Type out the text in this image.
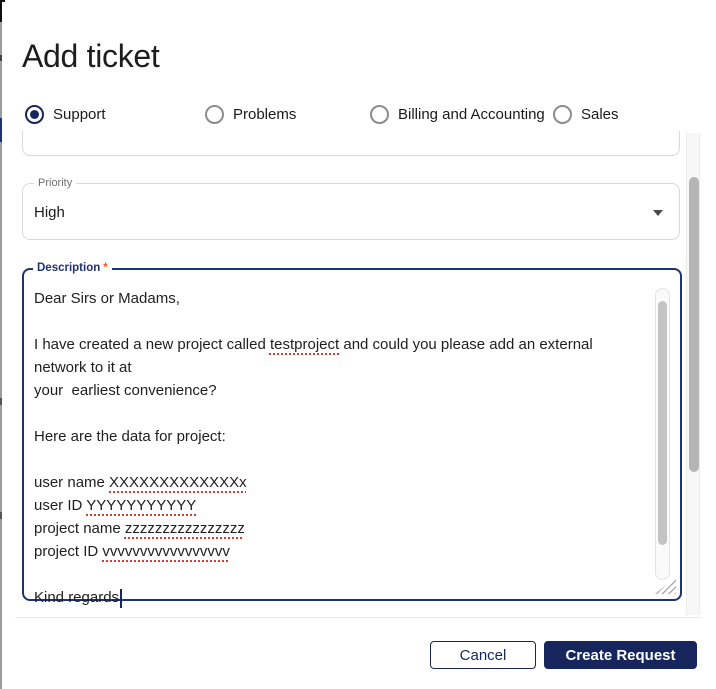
Add ticket
Support	Problems	Billing and Accounting Sales
Priority
High
Description *
Dear Sirs or Madams,
I have created a new project called testproject and could you please add an external network to it at
your  earliest convenience?
Here are the data for project:
user name XXXXXXXXXXXXXx
user ID YYYYYYYYYYY
project name zzzzzzzzzzzzzzzz
project ID vvvvvvvvvvvvvvvvv
Kind regards
Cancel	Create Request
